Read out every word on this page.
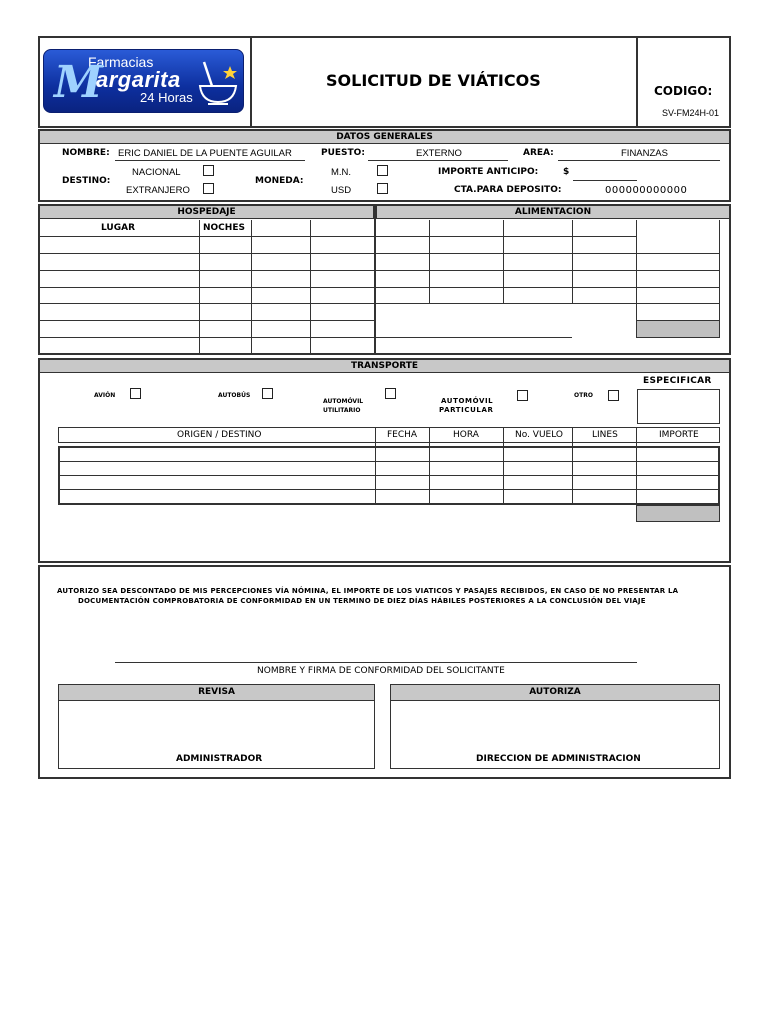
Farmacias
M
argarita
24 Horas
SOLICITUD DE VIÁTICOS
CODIGO:
SV-FM24H-01
DATOS GENERALES
NOMBRE: ERIC DANIEL DE LA PUENTE AGUILAR	PUESTO:	EXTERNO	AREA:	FINANZAS
DESTINO:
NACIONAL
EXTRANJERO
MONEDA:
M.N.
USD
IMPORTE ANTICIPO:	$
CTA.PARA DEPOSITO:	000000000000
HOSPEDAJE	ALIMENTACION
LUGAR	NOCHES
TRANSPORTE
AVIÓN	AUTOBÚS
AUTOMÓVIL
UTILITARIO
AUTOMÓVIL
PARTICULAR
OTRO
ESPECIFICAR
ORIGEN / DESTINO	FECHA	HORA	No. VUELO	LINES	IMPORTE
AUTORIZO SEA DESCONTADO DE MIS PERCEPCIONES VÍA NÓMINA, EL IMPORTE DE LOS VIATICOS Y PASAJES RECIBIDOS, EN CASO DE NO PRESENTAR LA
DOCUMENTACIÓN COMPROBATORIA DE CONFORMIDAD EN UN TERMINO DE DIEZ DÍAS HÁBILES POSTERIORES A LA CONCLUSIÓN DEL VIAJE
NOMBRE Y FIRMA DE CONFORMIDAD DEL SOLICITANTE
REVISA
ADMINISTRADOR
AUTORIZA
DIRECCION DE ADMINISTRACION
